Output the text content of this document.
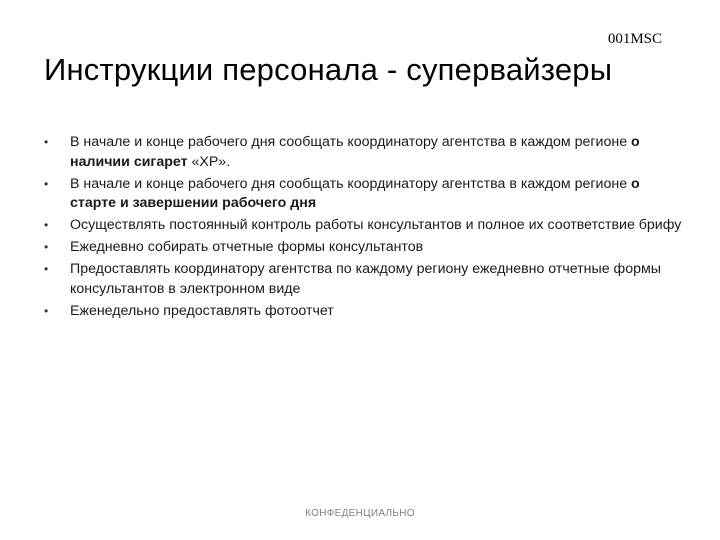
001MSC
Инструкции персонала - супервайзеры
• В начале и конце рабочего дня сообщать координатору агентства в каждом регионе о наличии сигарет «XP».
• В начале и конце рабочего дня сообщать координатору агентства в каждом регионе о старте и завершении рабочего дня
• Осуществлять постоянный контроль работы консультантов и полное их соответствие брифу
• Ежедневно собирать отчетные формы консультантов
• Предоставлять координатору агентства по каждому региону ежедневно отчетные формы консультантов в электронном виде
• Еженедельно предоставлять фотоотчет
КОНФЕДЕНЦИАЛЬНО
